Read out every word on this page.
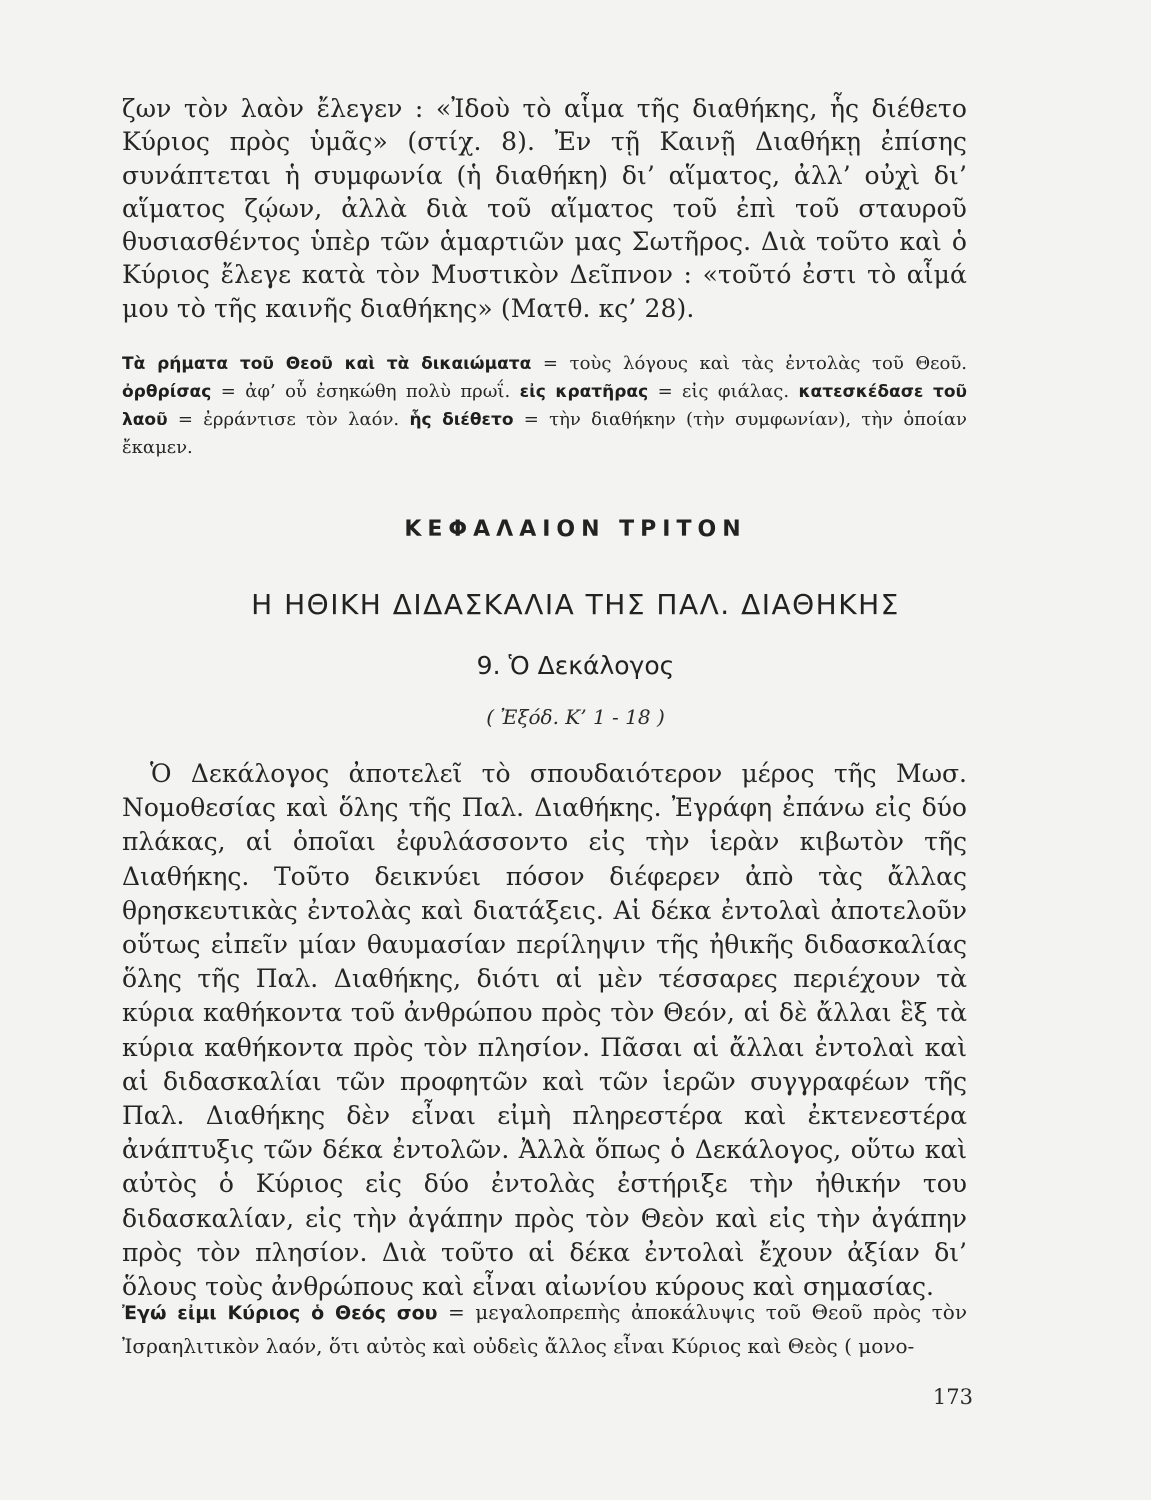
ζων τὸν λαὸν ἔλεγεν : «Ἰδοὺ τὸ αἷμα τῆς διαθήκης, ἧς διέθετο Κύριος πρὸς ὑμᾶς» (στίχ. 8). Ἐν τῇ Καινῇ Διαθήκῃ ἐπίσης συνάπτεται ἡ συμφωνία (ἡ διαθήκη) δι’ αἵματος, ἀλλ’ οὐχὶ δι’ αἵματος ζῴων, ἀλλὰ διὰ τοῦ αἵματος τοῦ ἐπὶ τοῦ σταυροῦ θυσιασθέντος ὑπὲρ τῶν ἁμαρτιῶν μας Σωτῆρος. Διὰ τοῦτο καὶ ὁ Κύριος ἔλεγε κατὰ τὸν Μυστικὸν Δεῖπνον : «τοῦτό ἐστι τὸ αἷμά μου τὸ τῆς καινῆς διαθήκης» (Ματθ. κς’ 28).

Τὰ ρήματα τοῦ Θεοῦ καὶ τὰ δικαιώματα = τοὺς λόγους καὶ τὰς ἐντολὰς τοῦ Θεοῦ. ὀρθρίσας = ἀφ’ οὗ ἐσηκώθη πολὺ πρωΐ. εἰς κρατῆρας = εἰς φιάλας. κατεσκέδασε τοῦ λαοῦ = ἐρράντισε τὸν λαόν. ἧς διέθετο = τὴν διαθήκην (τὴν συμφωνίαν), τὴν ὁποίαν ἔκαμεν.

ΚΕΦΑΛΑΙΟΝ ΤΡΙΤΟΝ
Η ΗΘΙΚΗ ΔΙΔΑΣΚΑΛΙΑ ΤΗΣ ΠΑΛ. ΔΙΑΘΗΚΗΣ
9. Ὁ Δεκάλογος
( Ἐξόδ. Κ’ 1 - 18 )

Ὁ Δεκάλογος ἀποτελεῖ τὸ σπουδαιότερον μέρος τῆς Μωσ. Νομοθεσίας καὶ ὅλης τῆς Παλ. Διαθήκης. Ἐγράφη ἐπάνω εἰς δύο πλάκας, αἱ ὁποῖαι ἐφυλάσσοντο εἰς τὴν ἱερὰν κιβωτὸν τῆς Διαθήκης. Τοῦτο δεικνύει πόσον διέφερεν ἀπὸ τὰς ἄλλας θρησκευτικὰς ἐντολὰς καὶ διατάξεις. Αἱ δέκα ἐντολαὶ ἀποτελοῦν οὕτως εἰπεῖν μίαν θαυμασίαν περίληψιν τῆς ἠθικῆς διδασκαλίας ὅλης τῆς Παλ. Διαθήκης, διότι αἱ μὲν τέσσαρες περιέχουν τὰ κύρια καθήκοντα τοῦ ἀνθρώπου πρὸς τὸν Θεόν, αἱ δὲ ἄλλαι ἓξ τὰ κύρια καθήκοντα πρὸς τὸν πλησίον. Πᾶσαι αἱ ἄλλαι ἐντολαὶ καὶ αἱ διδασκαλίαι τῶν προφητῶν καὶ τῶν ἱερῶν συγγραφέων τῆς Παλ. Διαθήκης δὲν εἶναι εἰμὴ πληρεστέρα καὶ ἐκτενεστέρα ἀνάπτυξις τῶν δέκα ἐντολῶν. Ἀλλὰ ὅπως ὁ Δεκάλογος, οὕτω καὶ αὐτὸς ὁ Κύριος εἰς δύο ἐντολὰς ἐστήριξε τὴν ἠθικήν του διδασκαλίαν, εἰς τὴν ἀγάπην πρὸς τὸν Θεὸν καὶ εἰς τὴν ἀγάπην πρὸς τὸν πλησίον. Διὰ τοῦτο αἱ δέκα ἐντολαὶ ἔχουν ἀξίαν δι’ ὅλους τοὺς ἀνθρώπους καὶ εἶναι αἰωνίου κύρους καὶ σημασίας.

Ἐγώ εἰμι Κύριος ὁ Θεός σου = μεγαλοπρεπὴς ἀποκάλυψις τοῦ Θεοῦ πρὸς τὸν Ἰσραηλιτικὸν λαόν, ὅτι αὐτὸς καὶ οὐδεὶς ἄλλος εἶναι Κύριος καὶ Θεὸς ( μονο-

173
